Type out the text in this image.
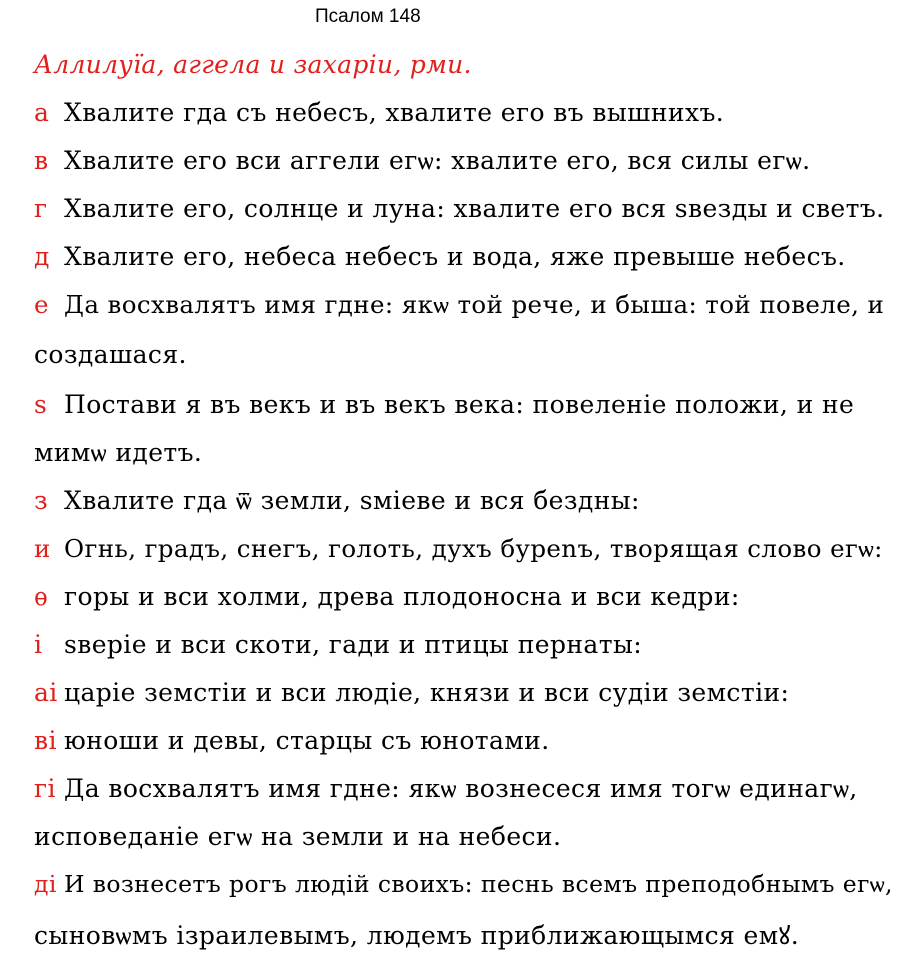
Псалом 148
Аллилуїа, аггела и захаріи, рми.
а Хвалите гда съ небесъ, хвалите его въ вышнихъ.
в Хвалите его вси аггели егѡ: хвалите его, вся силы егѡ.
г Хвалите его, солнце и луна: хвалите его вся ѕвезды и светъ.
д Хвалите его, небеса небесъ и вода, яже превыше небесъ.
е Да восхвалятъ имя гдне: якѡ той рече, и быша: той повеле, и
создашася.
ѕ Постави я въ векъ и въ векъ века: повеленіе положи, и не
мимѡ идетъ.
з Хвалите гда ѿ земли, ѕміеве и вся бездны:
и Огнь, градъ, снегъ, голоть, духъ бурenъ, творящая слово егѡ:
ѳ горы и вси холми, древа плодоносна и вси кедри:
і ѕверіе и вси скоти, гади и птицы пернаты:
аі царіе земстіи и вси людіе, князи и вси судіи земстіи:
ві юноши и девы, старцы съ юнотами.
гі Да восхвалятъ имя гдне: якѡ вознесеся имя тогѡ единагѡ,
исповеданіе егѡ на земли и на небеси.
ді И вознесетъ рогъ людій своихъ: песнь всемъ преподобнымъ егѡ,
сыновѡмъ ізраилевымъ, людемъ приближающымся емꙋ.
